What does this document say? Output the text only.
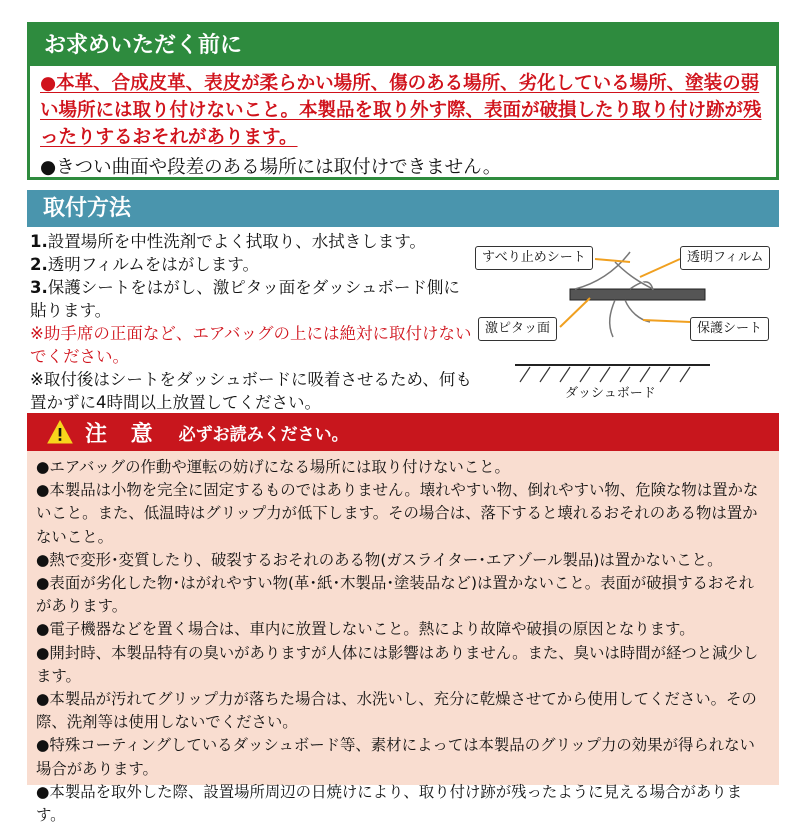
お求めいただく前に
●本革、合成皮革、表皮が柔らかい場所、傷のある場所、劣化している場所、塗装の弱い場所には取り付けないこと。本製品を取り外す際、表面が破損したり取り付け跡が残ったりするおそれがあります。
●きつい曲面や段差のある場所には取付けできません。
取付方法
1.設置場所を中性洗剤でよく拭取り、水拭きします。
2.透明フィルムをはがします。
3.保護シートをはがし、激ピタッ面をダッシュボード側に貼ります。
※助手席の正面など、エアバッグの上には絶対に取付けないでください。
※取付後はシートをダッシュボードに吸着させるため、何も置かずに4時間以上放置してください。
すべり止めシート	透明フィルム
激ピタッ面	保護シート
ダッシュボード
注 意 必ずお読みください。
●エアバッグの作動や運転の妨げになる場所には取り付けないこと。
●本製品は小物を完全に固定するものではありません。壊れやすい物、倒れやすい物、危険な物は置かないこと。また、低温時はグリップ力が低下します。その場合は、落下すると壊れるおそれのある物は置かないこと。
●熱で変形･変質したり、破裂するおそれのある物(ガスライター･エアゾール製品)は置かないこと。
●表面が劣化した物･はがれやすい物(革･紙･木製品･塗装品など)は置かないこと。表面が破損するおそれがあります。
●電子機器などを置く場合は、車内に放置しないこと。熱により故障や破損の原因となります。
●開封時、本製品特有の臭いがありますが人体には影響はありません。また、臭いは時間が経つと減少します。
●本製品が汚れてグリップ力が落ちた場合は、水洗いし、充分に乾燥させてから使用してください。その際、洗剤等は使用しないでください。
●特殊コーティングしているダッシュボード等、素材によっては本製品のグリップ力の効果が得られない場合があります。
●本製品を取外した際、設置場所周辺の日焼けにより、取り付け跡が残ったように見える場合があります。
